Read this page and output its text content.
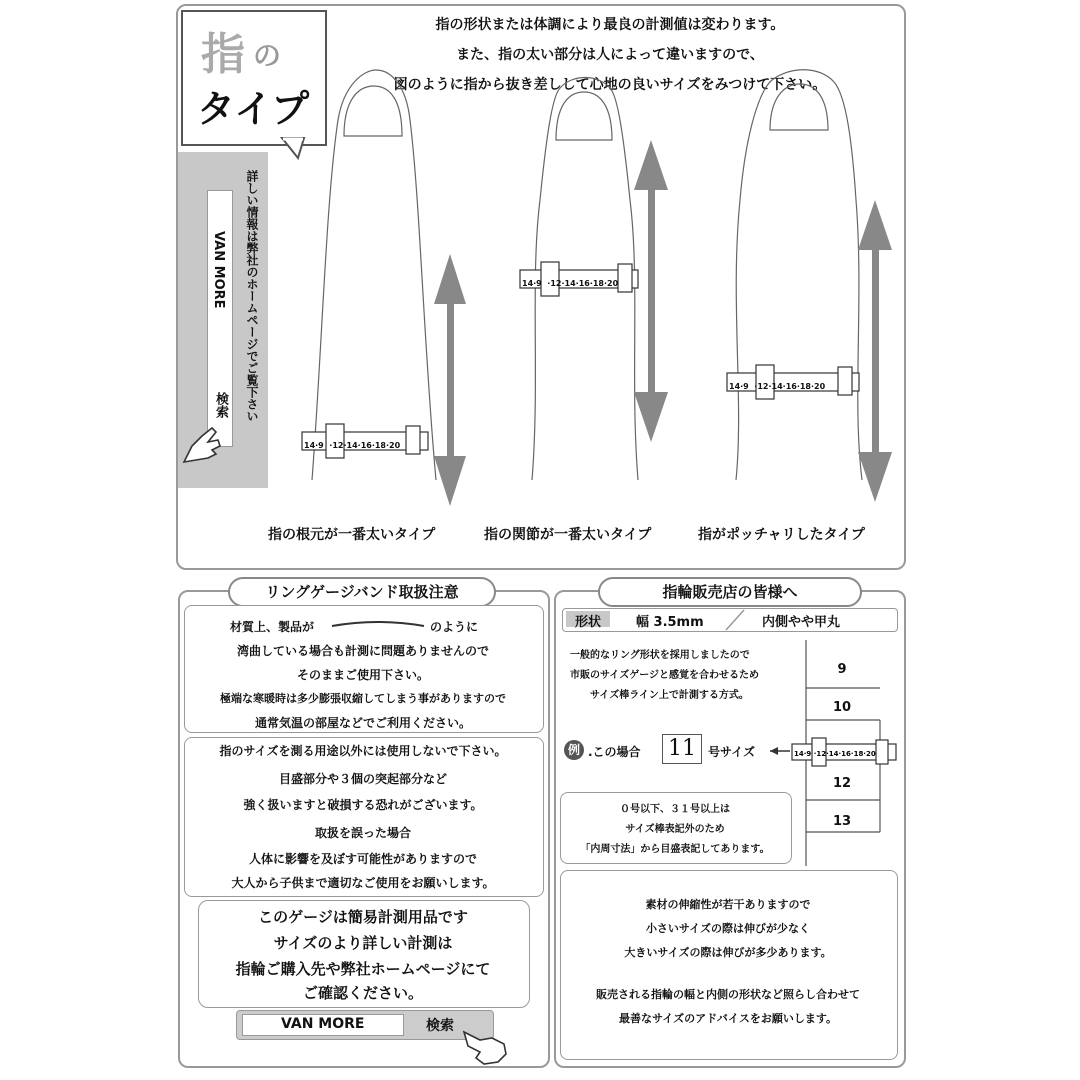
指 の
タイプ
指の形状または体調により最良の計測値は変わります。
また、指の太い部分は人によって違いますので、
図のように指から抜き差しして心地の良いサイズをみつけて下さい。
VAN MORE
検索 詳しい情報は弊社のホームページでご覧下さい
14·9  ·12·14·16·18·20
14·9  ·12·14·16·18·20
14·9  ·12·14·16·18·20
指の根元が一番太いタイプ	指の関節が一番太いタイプ	指がポッチャリしたタイプ
リングゲージバンド取扱注意
材質上、製品が	のように
湾曲している場合も計測に問題ありませんので
そのままご使用下さい。
極端な寒暖時は多少膨張収縮してしまう事がありますので
通常気温の部屋などでご利用ください。
指のサイズを測る用途以外には使用しないで下さい。
目盛部分や３個の突起部分など
強く扱いますと破損する恐れがございます。
取扱を誤った場合
人体に影響を及ぼす可能性がありますので
大人から子供まで適切なご使用をお願いします。
このゲージは簡易計測用品です
サイズのより詳しい計測は
指輪ご購入先や弊社ホームページにて
ご確認ください。
VAN MORE	検索
指輪販売店の皆様へ
形状	幅 3.5mm	内側やや甲丸
一般的なリング形状を採用しましたので
市販のサイズゲージと感覚を合わせるため
サイズ棒ライン上で計測する方式。
9
10
12
13
例 .この場合 11	号サイズ	14·9 ·12·14·16·18·20
０号以下、３１号以上は
サイズ棒表記外のため
「内周寸法」から目盛表記してあります。
素材の伸縮性が若干ありますので
小さいサイズの際は伸びが少なく
大きいサイズの際は伸びが多少あります。
販売される指輪の幅と内側の形状など照らし合わせて
最善なサイズのアドバイスをお願いします。
